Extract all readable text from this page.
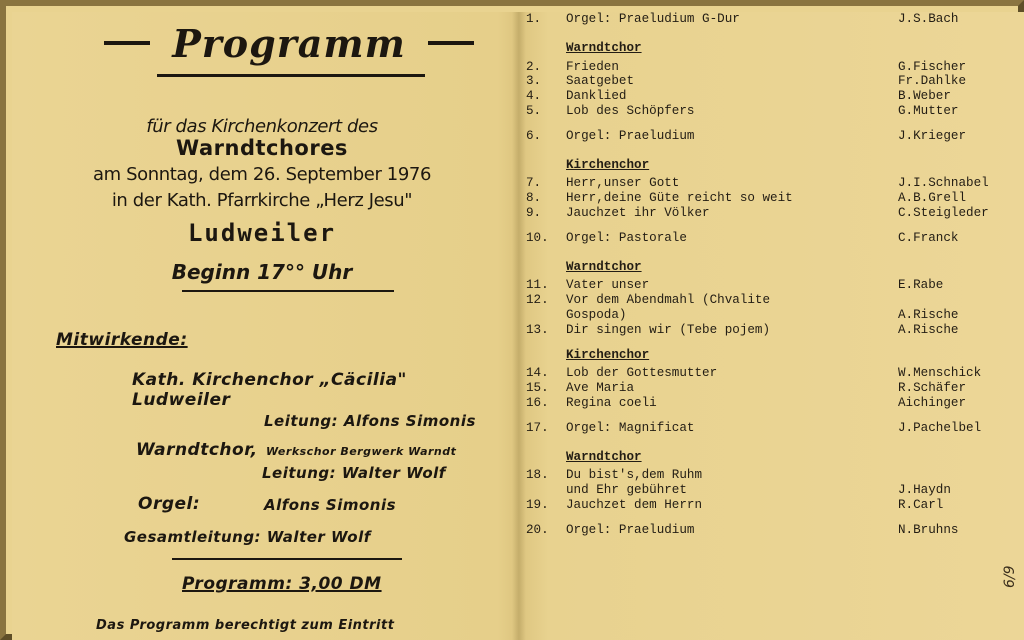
Programm
für das Kirchenkonzert des
Warndtchores
am Sonntag, dem 26. September 1976
in der Kath. Pfarrkirche „Herz Jesu"
Ludweiler
Beginn 17°° Uhr
Mitwirkende:
Kath. Kirchenchor „Cäcilia"
Ludweiler
Leitung: Alfons Simonis
Warndtchor, Werkschor Bergwerk Warndt
Leitung: Walter Wolf
Orgel:	Alfons Simonis
Gesamtleitung: Walter Wolf
Programm: 3,00 DM
Das Programm berechtigt zum Eintritt
1.	Orgel: Praeludium G-Dur	J.S.Bach
Warndtchor
2.	Frieden	G.Fischer
3.	Saatgebet	Fr.Dahlke
4.	Danklied	B.Weber
5.	Lob des Schöpfers	G.Mutter
6.	Orgel: Praeludium	J.Krieger
Kirchenchor
7.	Herr,unser Gott	J.I.Schnabel
8.	Herr,deine Güte reicht so weit	A.B.Grell
9.	Jauchzet ihr Völker	C.Steigleder
10.	Orgel: Pastorale	C.Franck
Warndtchor
11.	Vater unser	E.Rabe
12.	Vor dem Abendmahl (Chvalite
Gospoda)	A.Rische
13.	Dir singen wir (Tebe pojem)	A.Rische
Kirchenchor
14.	Lob der Gottesmutter	W.Menschick
15.	Ave Maria	R.Schäfer
16.	Regina coeli	Aichinger
17.	Orgel: Magnificat	J.Pachelbel
Warndtchor
18.	Du bist's,dem Ruhm
und Ehr gebühret	J.Haydn
19.	Jauchzet dem Herrn	R.Carl
20.	Orgel: Praeludium	N.Bruhns
6/9
